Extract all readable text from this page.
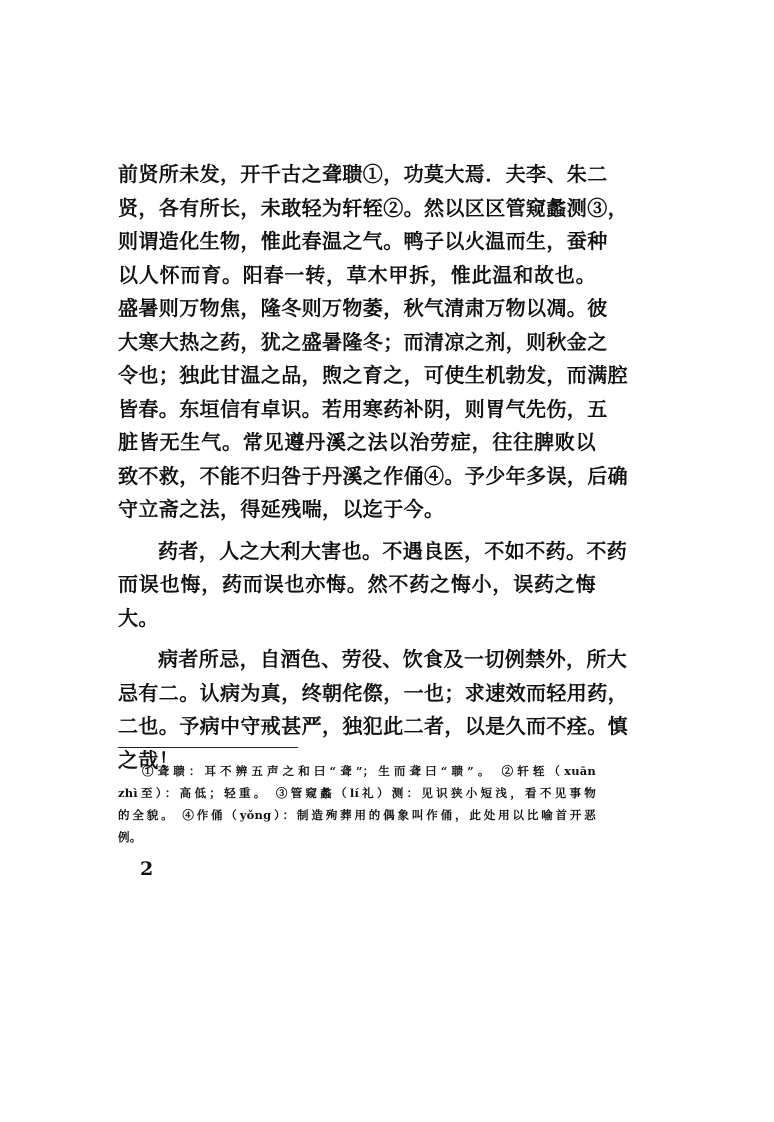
前贤所未发，开千古之聋聩①，功莫大焉．夫李、朱二
贤，各有所长，未敢轻为轩轾②。然以区区管窥蠡测③，
则谓造化生物，惟此春温之气。鸭子以火温而生，蚕种
以人怀而育。阳春一转，草木甲拆，惟此温和故也。
盛暑则万物焦，隆冬则万物萎，秋气清肃万物以凋。彼
大寒大热之药，犹之盛暑隆冬；而清凉之剂，则秋金之
令也；独此甘温之品，煦之育之，可使生机勃发，而满腔
皆春。东垣信有卓识。若用寒药补阴，则胃气先伤，五
脏皆无生气。常见遵丹溪之法以治劳症，往往脾败以
致不救，不能不归咎于丹溪之作俑④。予少年多误，后确
守立斋之法，得延残喘，以迄于今。
药者，人之大利大害也。不遇良医，不如不药。不药
而误也悔，药而误也亦悔。然不药之悔小，误药之悔
大。
病者所忌，自酒色、劳役、饮食及一切例禁外，所大
忌有二。认病为真，终朝侘傺，一也；求速效而轻用药，
二也。予病中守戒甚严，独犯此二者，以是久而不痊。慎
之哉！
①聋聩：耳不辨五声之和曰“聋”；生而聋曰“聩”。 ②轩轾（xuān
zhì至）：高低；轻重。 ③管窥蠡（lí礼）测：见识狭小短浅，看不见事物
的全貌。 ④作俑（yǒng）：制造殉葬用的偶象叫作俑，此处用以比喻首开恶
例。
2
